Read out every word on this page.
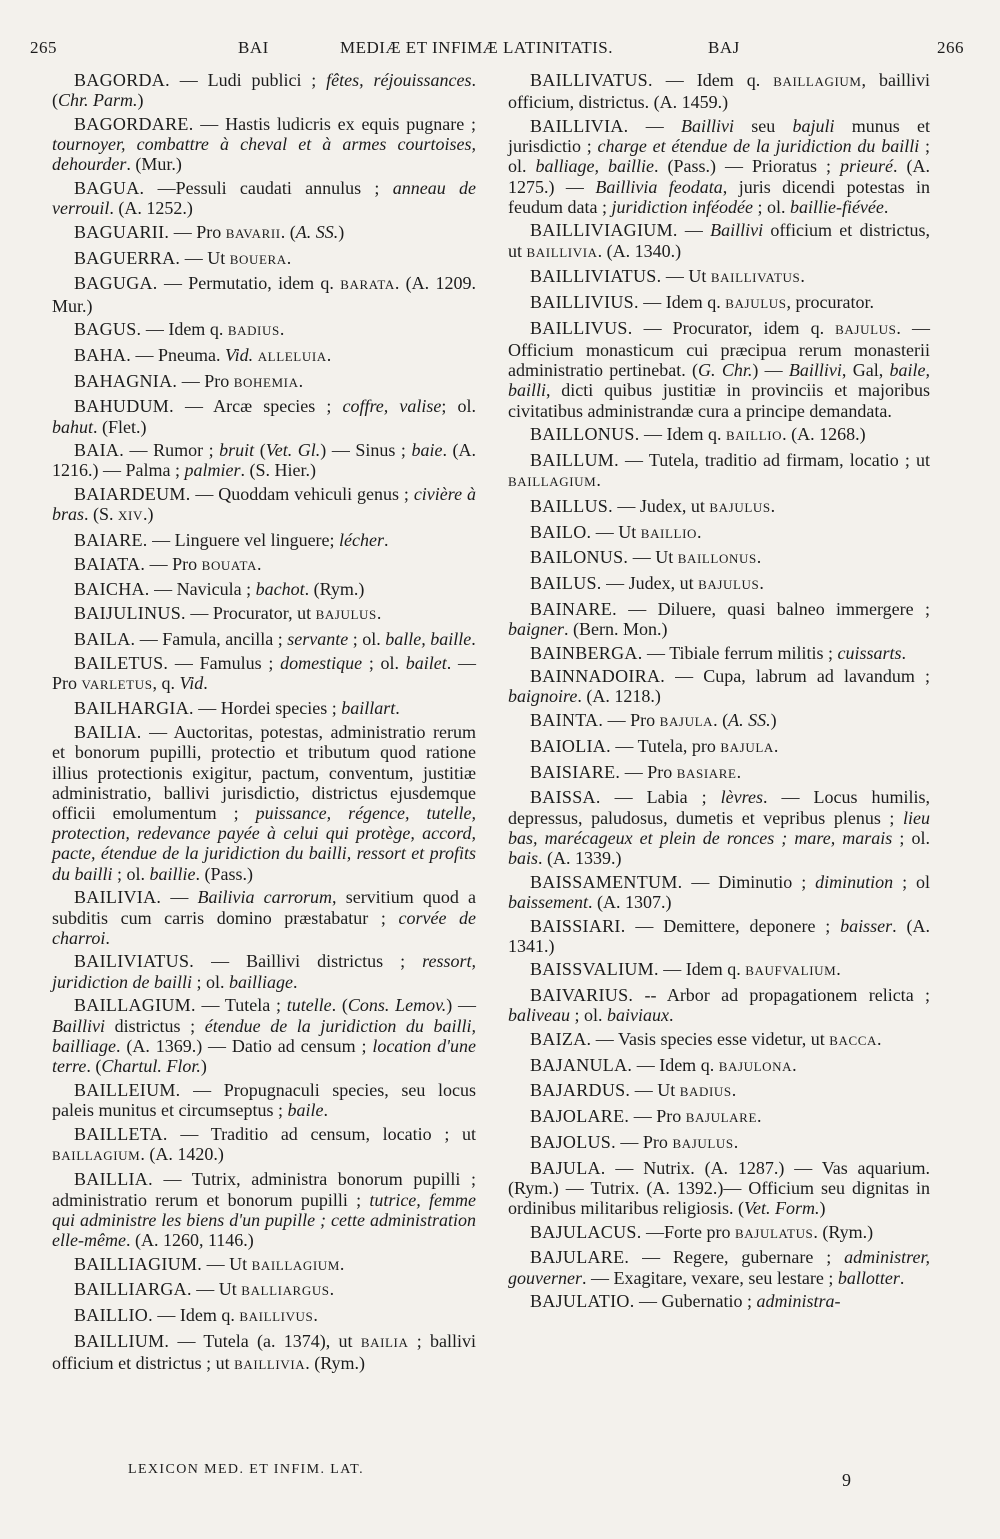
265	BAI	MEDIÆ ET INFIMÆ LATINITATIS.	BAJ	266

BAGORDA. — Ludi publici ; fêtes, réjouissances. (Chr. Parm.)

BAGORDARE. — Hastis ludicris ex equis pugnare ; tournoyer, combattre à cheval et à armes courtoises, dehourder. (Mur.)

BAGUA. —Pessuli caudati annulus ; anneau de verrouil. (A. 1252.)

BAGUARII. — Pro BAVARII. (A. SS.)

BAGUERRA. — Ut BOUERA.

BAGUGA. — Permutatio, idem q. BARATA. (A. 1209. Mur.)

BAGUS. — Idem q. BADIUS.

BAHA. — Pneuma. Vid. ALLELUIA.

BAHAGNIA. — Pro BOHEMIA.

BAHUDUM. — Arcæ species ; coffre, valise; ol. bahut. (Flet.)

BAIA. — Rumor ; bruit (Vet. Gl.) — Sinus ; baie. (A. 1216.) — Palma ; palmier. (S. Hier.)

BAIARDEUM. — Quoddam vehiculi genus ; civière à bras. (S. XIV.)

BAIARE. — Linguere vel linguere; lécher.

BAIATA. — Pro BOUATA.

BAICHA. — Navicula ; bachot. (Rym.)

BAIJULINUS. — Procurator, ut BAJULUS.

BAILA. — Famula, ancilla ; servante ; ol. balle, baille.

BAILETUS. — Famulus ; domestique ; ol. bailet. — Pro VARLETUS, q. Vid.

BAILHARGIA. — Hordei species ; baillart.

BAILIA. — Auctoritas, potestas, administratio rerum et bonorum pupilli, protectio et tributum quod ratione illius protectionis exigitur, pactum, conventum, justitiæ administratio, ballivi jurisdictio, districtus ejusdemque officii emolumentum ; puissance, régence, tutelle, protection, redevance payée à celui qui protège, accord, pacte, étendue de la juridiction du bailli, ressort et profits du bailli ; ol. baillie. (Pass.)

BAILIVIA. — Bailivia carrorum, servitium quod a subditis cum carris domino præstabatur ; corvée de charroi.

BAILIVIATUS. — Baillivi districtus ; ressort, juridiction de bailli ; ol. bailliage.

BAILLAGIUM. — Tutela ; tutelle. (Cons. Lemov.) — Baillivi districtus ; étendue de la juridiction du bailli, bailliage. (A. 1369.) — Datio ad censum ; location d'une terre. (Chartul. Flor.)

BAILLEIUM. — Propugnaculi species, seu locus paleis munitus et circumseptus ; baile.

BAILLETA. — Traditio ad censum, locatio ; ut BAILLAGIUM. (A. 1420.)

BAILLIA. — Tutrix, administra bonorum pupilli ; administratio rerum et bonorum pupilli ; tutrice, femme qui administre les biens d'un pupille ; cette administration elle-même. (A. 1260, 1146.)

BAILLIAGIUM. — Ut BAILLAGIUM.

BAILLIARGA. — Ut BALLIARGUS.

BAILLIO. — Idem q. BAILLIVUS.

BAILLIUM. — Tutela (a. 1374), ut BAILIA ; ballivi officium et districtus ; ut BAILLIVIA. (Rym.)

BAILLIVATUS. — Idem q. BAILLAGIUM, baillivi officium, districtus. (A. 1459.)

BAILLIVIA. — Baillivi seu bajuli munus et jurisdictio ; charge et étendue de la juridiction du bailli ; ol. balliage, baillie. (Pass.) — Prioratus ; prieuré. (A. 1275.) — Baillivia feodata, juris dicendi potestas in feudum data ; juridiction inféodée ; ol. baillie-fiévée.

BAILLIVIAGIUM. — Baillivi officium et districtus, ut BAILLIVIA. (A. 1340.)

BAILLIVIATUS. — Ut BAILLIVATUS.

BAILLIVIUS. — Idem q. BAJULUS, procurator.

BAILLIVUS. — Procurator, idem q. BAJULUS. — Officium monasticum cui præcipua rerum monasterii administratio pertinebat. (G. Chr.) — Baillivi, Gal, baile, bailli, dicti quibus justitiæ in provinciis et majoribus civitatibus administrandæ cura a principe demandata.

BAILLONUS. — Idem q. BAILLIO. (A. 1268.)

BAILLUM. — Tutela, traditio ad firmam, locatio ; ut BAILLAGIUM.

BAILLUS. — Judex, ut BAJULUS.

BAILO. — Ut BAILLIO.

BAILONUS. — Ut BAILLONUS.

BAILUS. — Judex, ut BAJULUS.

BAINARE. — Diluere, quasi balneo immergere ; baigner. (Bern. Mon.)

BAINBERGA. — Tibiale ferrum militis ; cuissarts.

BAINNADOIRA. — Cupa, labrum ad lavandum ; baignoire. (A. 1218.)

BAINTA. — Pro BAJULA. (A. SS.)

BAIOLIA. — Tutela, pro BAJULA.

BAISIARE. — Pro BASIARE.

BAISSA. — Labia ; lèvres. — Locus humilis, depressus, paludosus, dumetis et vepribus plenus ; lieu bas, marécageux et plein de ronces ; mare, marais ; ol. bais. (A. 1339.)

BAISSAMENTUM. — Diminutio ; diminution ; ol baissement. (A. 1307.)

BAISSIARI. — Demittere, deponere ; baisser. (A. 1341.)

BAISSVALIUM. — Idem q. BAUFVALIUM.

BAIVARIUS. -- Arbor ad propagationem relicta ; baliveau ; ol. baiviaux.

BAIZA. — Vasis species esse videtur, ut BACCA.

BAJANULA. — Idem q. BAJULONA.

BAJARDUS. — Ut BADIUS.

BAJOLARE. — Pro BAJULARE.

BAJOLUS. — Pro BAJULUS.

BAJULA. — Nutrix. (A. 1287.) — Vas aquarium. (Rym.) — Tutrix. (A. 1392.)— Officium seu dignitas in ordinibus militaribus religiosis. (Vet. Form.)

BAJULACUS. —Forte pro BAJULATUS. (Rym.)

BAJULARE. — Regere, gubernare ; administrer, gouverner. — Exagitare, vexare, seu lestare ; ballotter.

BAJULATIO. — Gubernatio ; administra-

LEXICON MED. ET INFIM. LAT.
9
